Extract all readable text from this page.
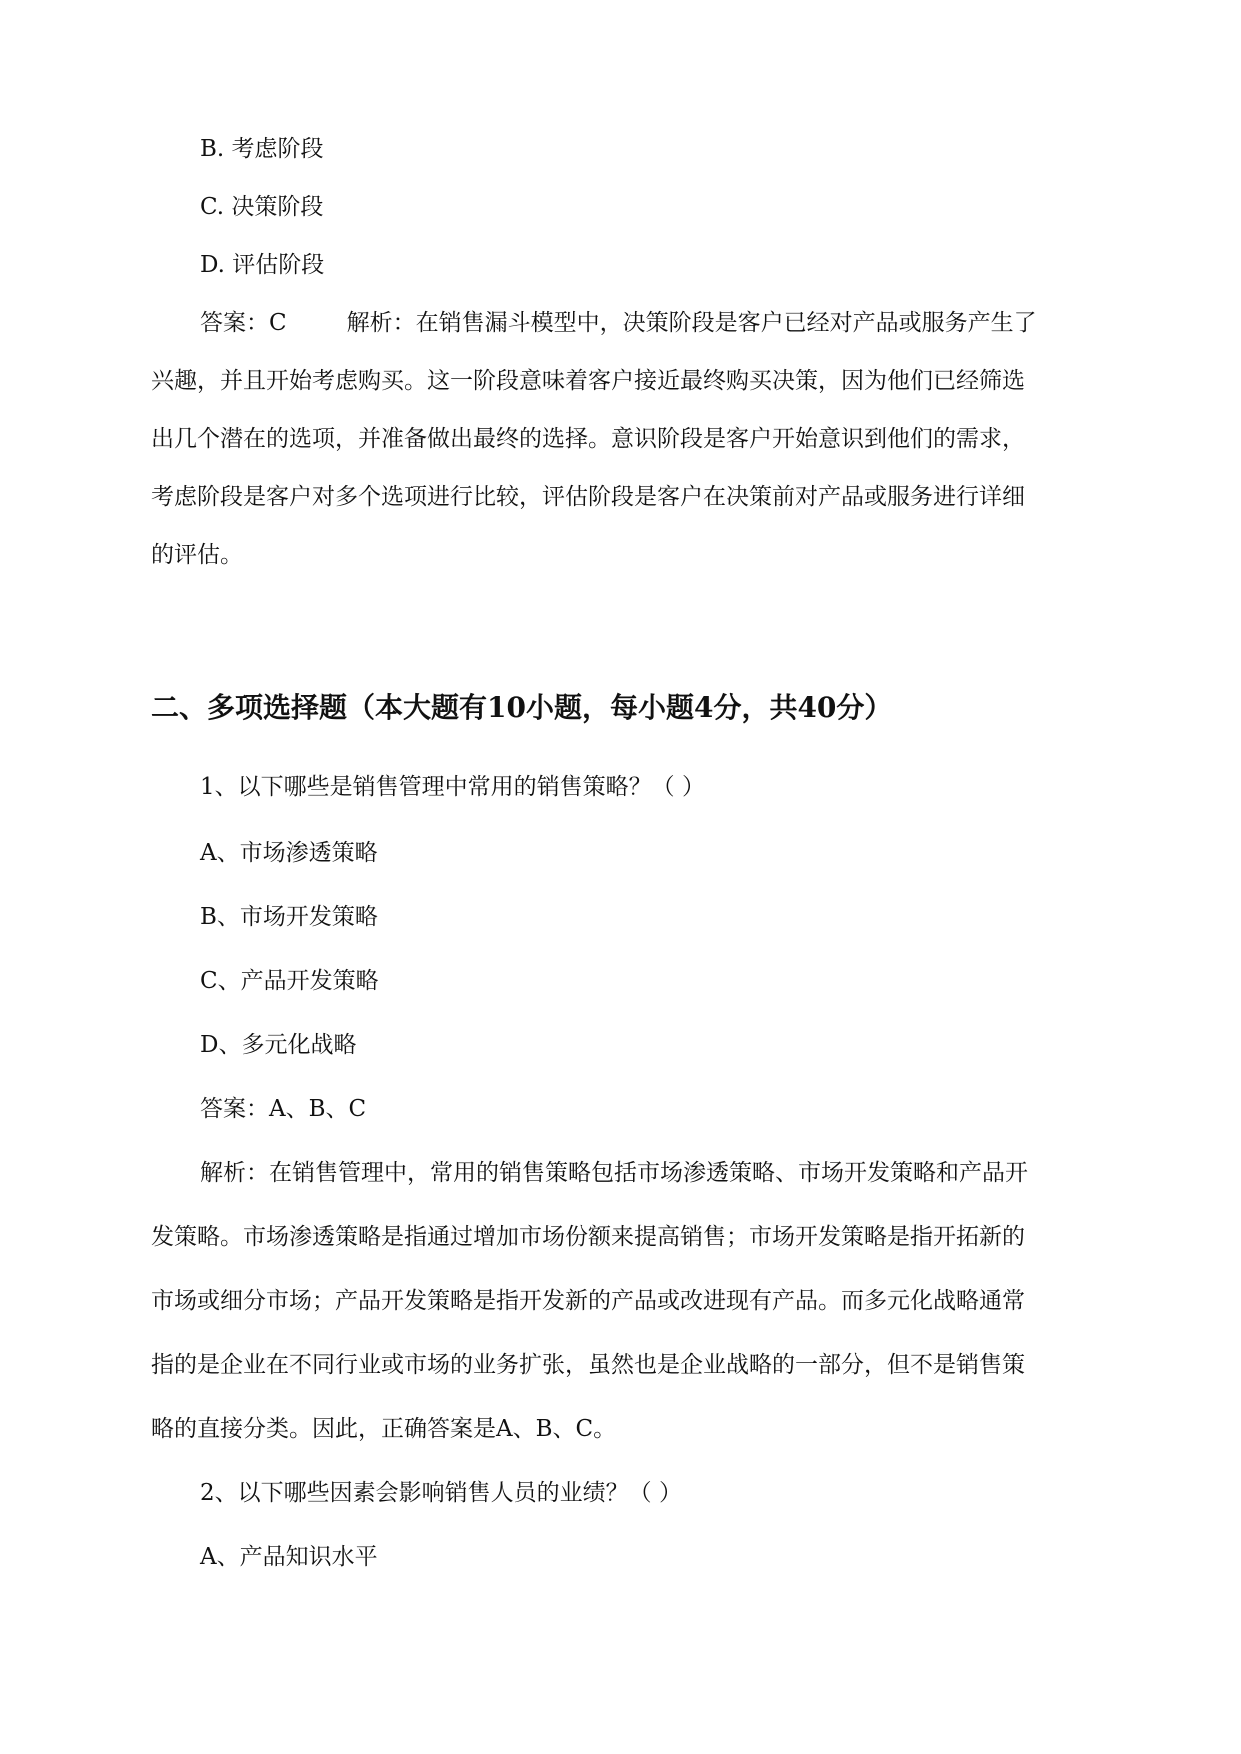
B. 考虑阶段

C. 决策阶段

D. 评估阶段

答案：C	解析：在销售漏斗模型中，决策阶段是客户已经对产品或服务产生了

兴趣，并且开始考虑购买。这一阶段意味着客户接近最终购买决策，因为他们已经筛选

出几个潜在的选项，并准备做出最终的选择。意识阶段是客户开始意识到他们的需求，

考虑阶段是客户对多个选项进行比较，评估阶段是客户在决策前对产品或服务进行详细

的评估。

二、多项选择题（本大题有10小题，每小题4分，共40分）

1、以下哪些是销售管理中常用的销售策略？（ ）

A、市场渗透策略

B、市场开发策略

C、产品开发策略

D、多元化战略

答案：A、B、C

解析：在销售管理中，常用的销售策略包括市场渗透策略、市场开发策略和产品开

发策略。市场渗透策略是指通过增加市场份额来提高销售；市场开发策略是指开拓新的

市场或细分市场；产品开发策略是指开发新的产品或改进现有产品。而多元化战略通常

指的是企业在不同行业或市场的业务扩张，虽然也是企业战略的一部分，但不是销售策

略的直接分类。因此，正确答案是A、B、C。

2、以下哪些因素会影响销售人员的业绩？（ ）

A、产品知识水平
